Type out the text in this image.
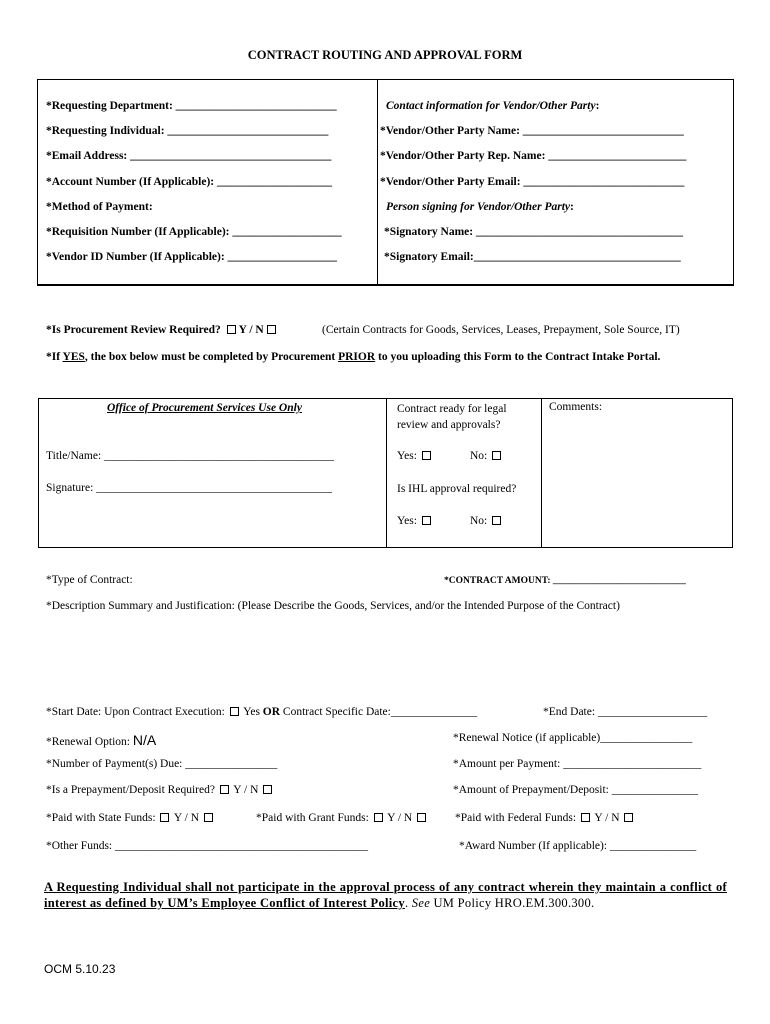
CONTRACT ROUTING AND APPROVAL FORM
*Requesting Department: ____________________________
*Requesting Individual: ____________________________
*Email Address: ___________________________________
*Account Number (If Applicable): ____________________
*Method of Payment:
*Requisition Number (If Applicable): ___________________
*Vendor ID Number (If Applicable): ___________________
Contact information for Vendor/Other Party:
*Vendor/Other Party Name: ____________________________
*Vendor/Other Party Rep. Name: ________________________
*Vendor/Other Party Email: ____________________________
Person signing for Vendor/Other Party:
*Signatory Name: ____________________________________
*Signatory Email:____________________________________
*Is Procurement Review Required? Y / N	(Certain Contracts for Goods, Services, Leases, Prepayment, Sole Source, IT)
*If YES, the box below must be completed by Procurement PRIOR to you uploading this Form to the Contract Intake Portal.
Office of Procurement Services Use Only
Title/Name: ________________________________________
Signature: _________________________________________
Contract ready for legal review and approvals?
Yes:	No:
Is IHL approval required?
Yes:	No:
Comments:
*Type of Contract:	*CONTRACT AMOUNT: ____________________________
*Description Summary and Justification: (Please Describe the Goods, Services, and/or the Intended Purpose of the Contract)
*Start Date: Upon Contract Execution: Yes OR Contract Specific Date:_______________	*End Date: ___________________
*Renewal Option: N/A	*Renewal Notice (if applicable)________________
*Number of Payment(s) Due: ________________	*Amount per Payment: ________________________
*Is a Prepayment/Deposit Required? Y / N	*Amount of Prepayment/Deposit: _______________
*Paid with State Funds: Y / N	*Paid with Grant Funds: Y / N	*Paid with Federal Funds: Y / N
*Other Funds: ____________________________________________	*Award Number (If applicable): _______________
A Requesting Individual shall not participate in the approval process of any contract wherein they maintain a conflict of interest as defined by UM’s Employee Conflict of Interest Policy. See UM Policy HRO.EM.300.300.
OCM 5.10.23
